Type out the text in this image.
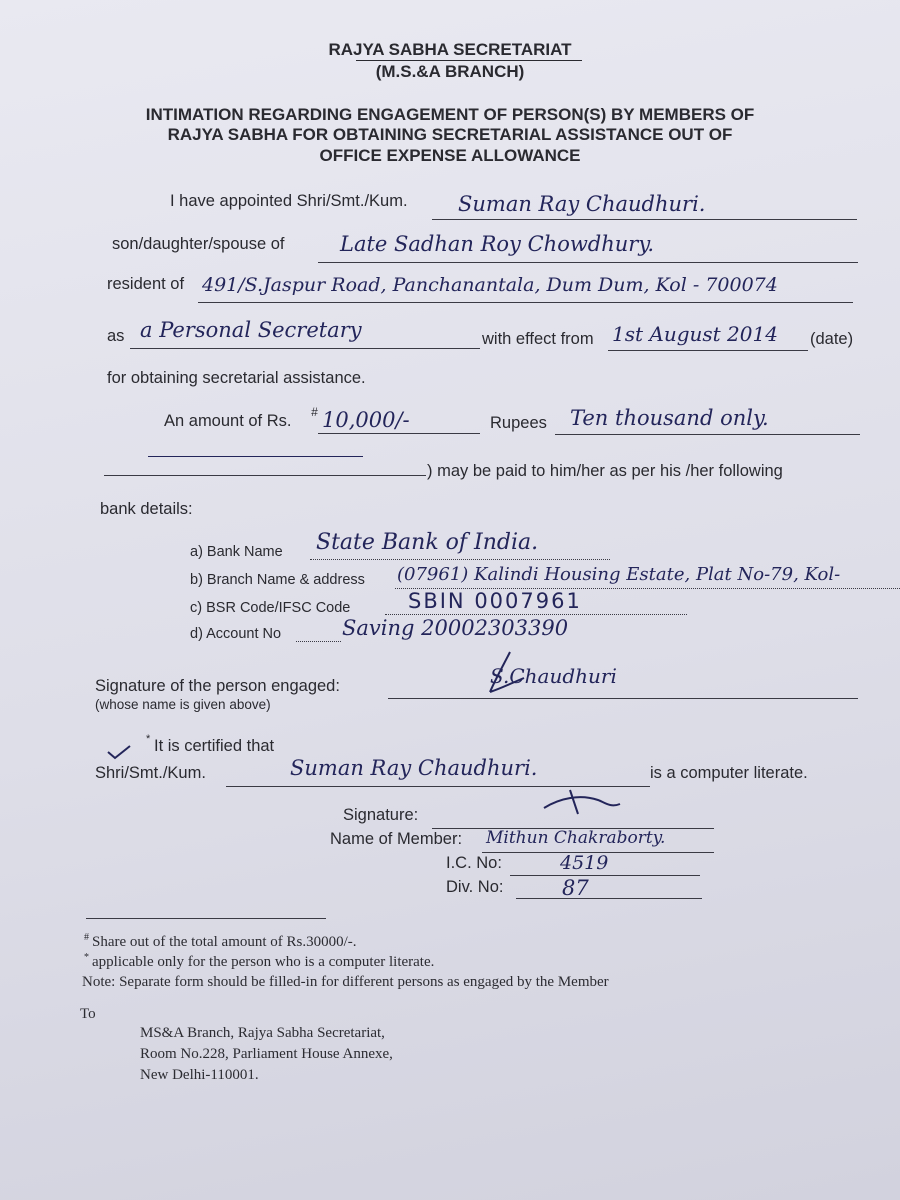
RAJYA SABHA SECRETARIAT
(M.S.&A BRANCH)
INTIMATION REGARDING ENGAGEMENT OF PERSON(S) BY MEMBERS OF
RAJYA SABHA FOR OBTAINING SECRETARIAL ASSISTANCE OUT OF
OFFICE EXPENSE ALLOWANCE
I have appointed Shri/Smt./Kum. Suman Ray Chaudhuri.
son/daughter/spouse of	Late Sadhan Roy Chowdhury.
resident of 491/S.Jaspur Road, Panchanantala, Dum Dum, Kol - 700074
as a Personal Secretary	with effect from 1st August 2014 (date)
for obtaining secretarial assistance.
An amount of Rs. # 10,000/-	Rupees Ten thousand only.
) may be paid to him/her as per his /her following
bank details:
a) Bank Name State Bank of India.
b) Branch Name & address (07961) Kalindi Housing Estate, Plat No-79, Kol-
c) BSR Code/IFSC Code	SBIN 0007961
d) Account No	Saving 20002303390
Signature of the person engaged:
(whose name is given above)
S.Chaudhuri
* It is certified that
Shri/Smt./Kum.	Suman Ray Chaudhuri.	is a computer literate.
Signature:
Name of Member: Mithun Chakraborty.
I.C. No:	4519
Div. No:	87
# Share out of the total amount of Rs.30000/-.
* applicable only for the person who is a computer literate.
Note: Separate form should be filled-in for different persons as engaged by the Member
To
MS&A Branch, Rajya Sabha Secretariat,
Room No.228, Parliament House Annexe,
New Delhi-110001.
